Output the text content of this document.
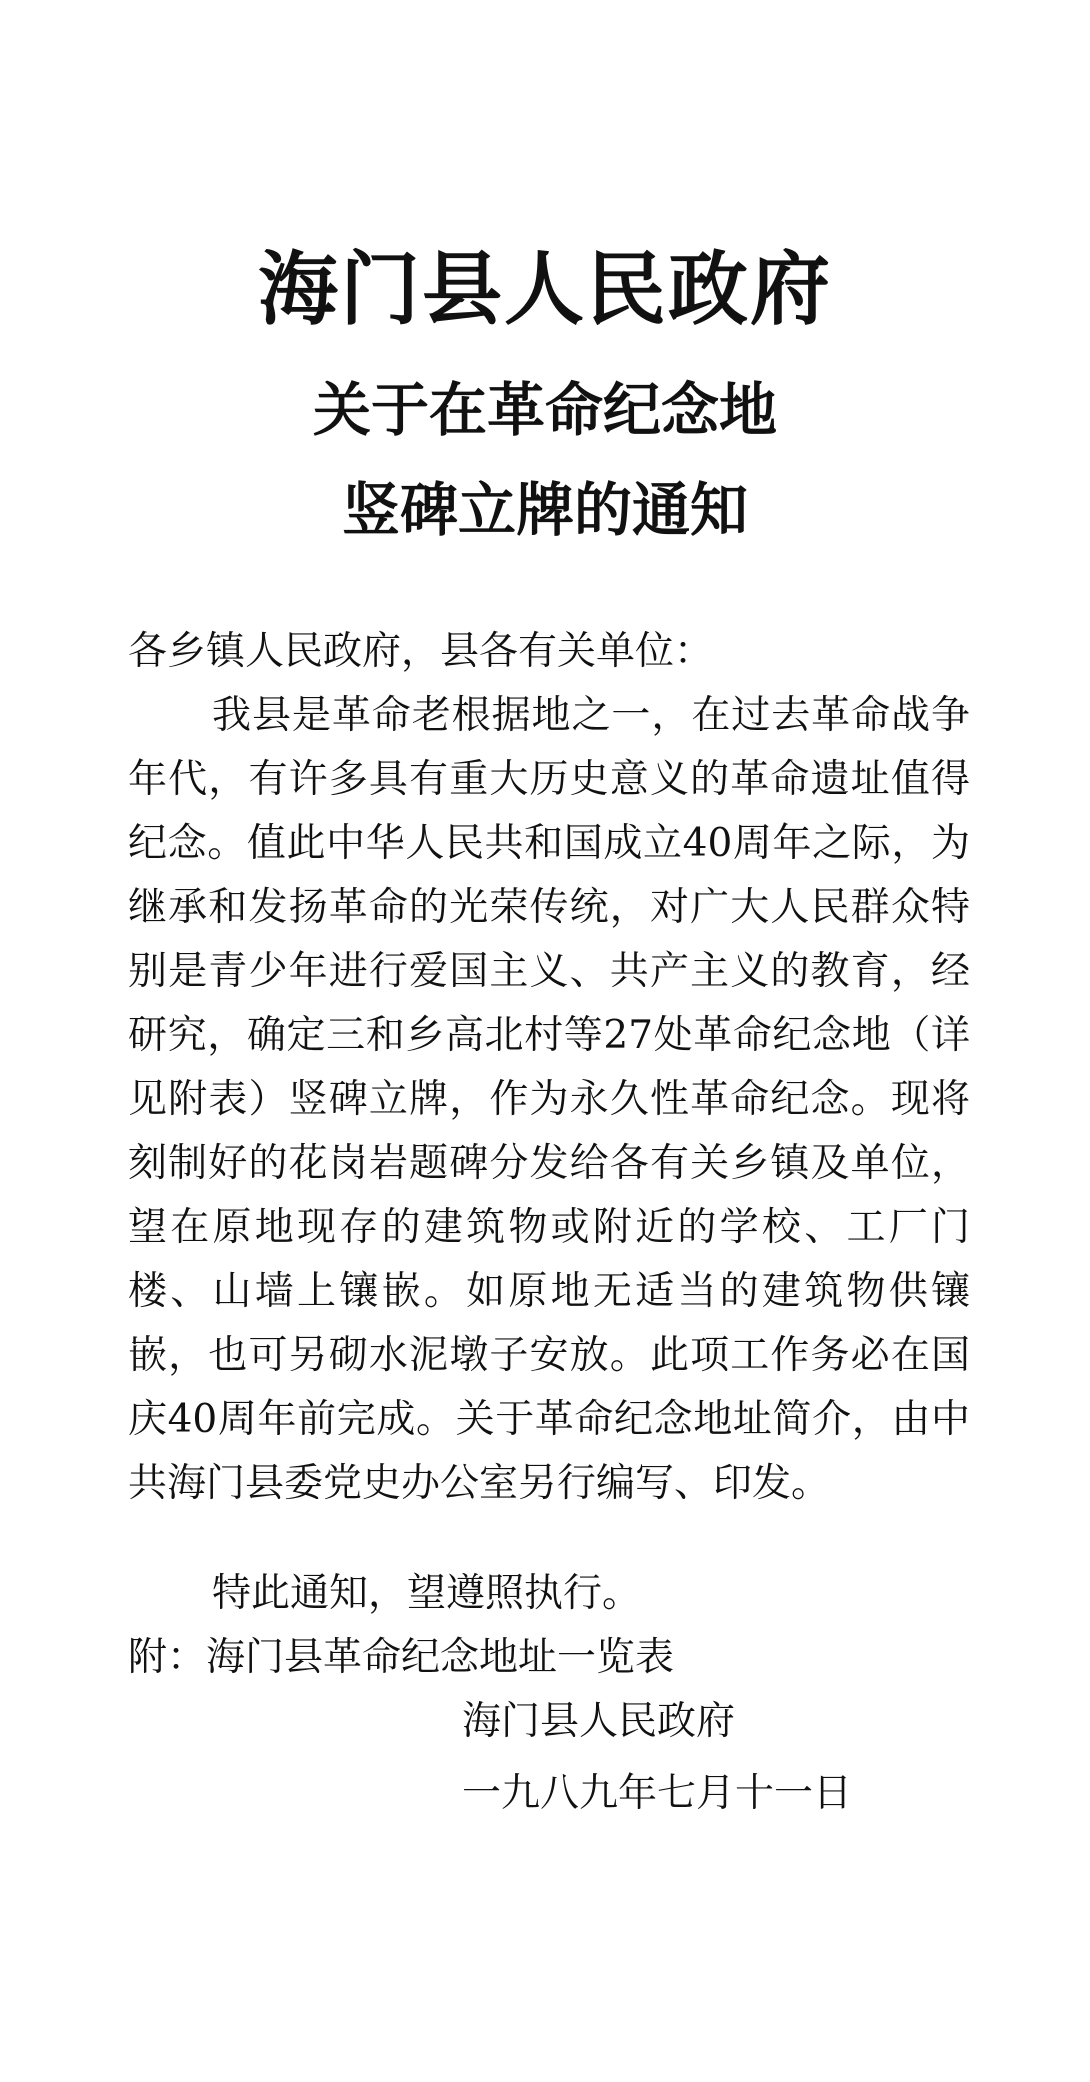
海门县人民政府
关于在革命纪念地
竖碑立牌的通知

各乡镇人民政府，县各有关单位：

我县是革命老根据地之一，在过去革命战争年代，有许多具有重大历史意义的革命遗址值得纪念。值此中华人民共和国成立40周年之际，为继承和发扬革命的光荣传统，对广大人民群众特别是青少年进行爱国主义、共产主义的教育，经研究，确定三和乡高北村等27处革命纪念地（详见附表）竖碑立牌，作为永久性革命纪念。现将刻制好的花岗岩题碑分发给各有关乡镇及单位，望在原地现存的建筑物或附近的学校、工厂门楼、山墙上镶嵌。如原地无适当的建筑物供镶嵌，也可另砌水泥墩子安放。此项工作务必在国庆40周年前完成。关于革命纪念地址简介，由中共海门县委党史办公室另行编写、印发。

特此通知，望遵照执行。

附：海门县革命纪念地址一览表

海门县人民政府

一九八九年七月十一日
